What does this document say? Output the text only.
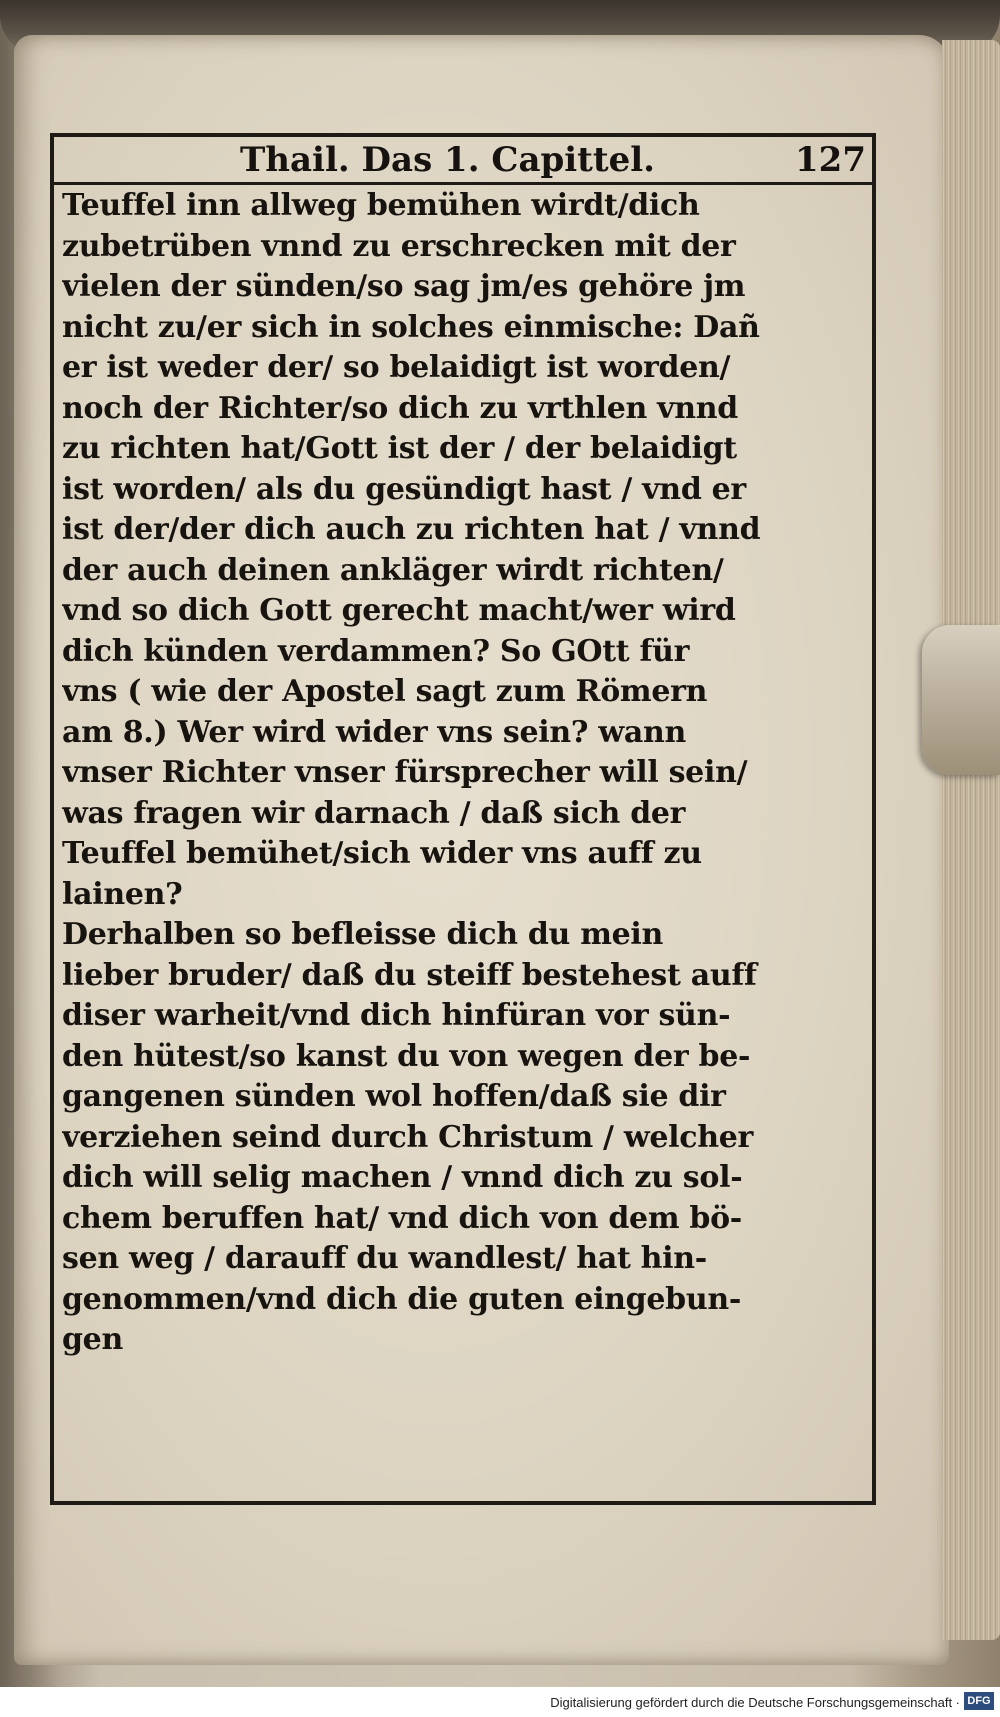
Thail. Das 1. Capittel.	127
Teuffel inn allweg bemühen wirdt/dich
zubetrüben vnnd zu erschrecken mit der
vielen der sünden/so sag jm/es gehöre jm
nicht zu/er sich in solches einmische: Dañ
er ist weder der/ so belaidigt ist worden/
noch der Richter/so dich zu vrthlen vnnd
zu richten hat/Gott ist der / der belaidigt
ist worden/ als du gesündigt hast / vnd er
ist der/der dich auch zu richten hat / vnnd
der auch deinen ankläger wirdt richten/
vnd so dich Gott gerecht macht/wer wird
dich künden verdammen? So GOtt für
vns ( wie der Apostel sagt zum Römern
am 8.) Wer wird wider vns sein? wann
vnser Richter vnser fürsprecher will sein/
was fragen wir darnach / daß sich der
Teuffel bemühet/sich wider vns auff zu
lainen?
Derhalben so befleisse dich du mein
lieber bruder/ daß du steiff bestehest auff
diser warheit/vnd dich hinfüran vor sün-
den hütest/so kanst du von wegen der be-
gangenen sünden wol hoffen/daß sie dir
verziehen seind durch Christum / welcher
dich will selig machen / vnnd dich zu sol-
chem beruffen hat/ vnd dich von dem bö-
sen weg / darauff du wandlest/ hat hin-
genommen/vnd dich die guten eingebun-
gen
Digitalisierung gefördert durch die Deutsche Forschungsgemeinschaft · DFG
